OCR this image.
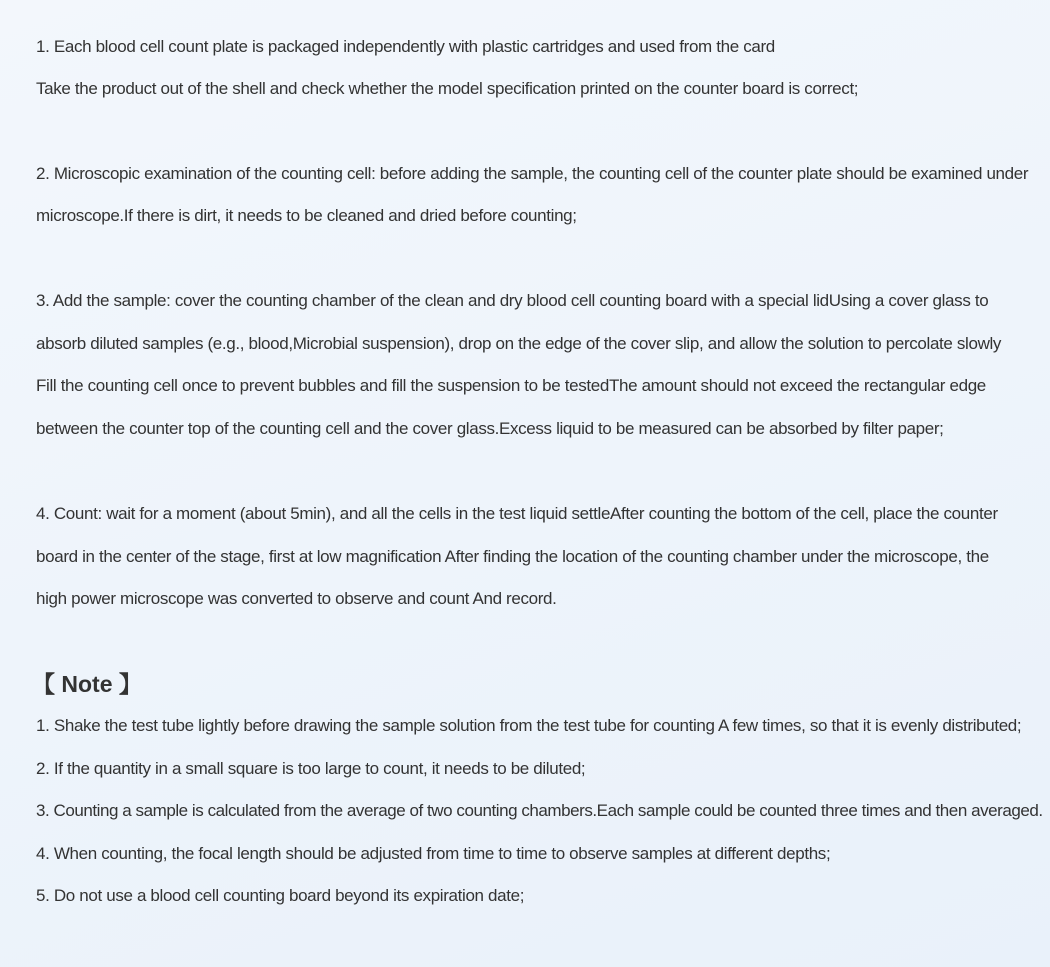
1. Each blood cell count plate is packaged independently with plastic cartridges and used from the card
Take the product out of the shell and check whether the model specification printed on the counter board is correct;
2. Microscopic examination of the counting cell: before adding the sample, the counting cell of the counter plate should be examined under
microscope.If there is dirt, it needs to be cleaned and dried before counting;
3. Add the sample: cover the counting chamber of the clean and dry blood cell counting board with a special lidUsing a cover glass to
absorb diluted samples (e.g., blood,Microbial suspension), drop on the edge of the cover slip, and allow the solution to percolate slowly
Fill the counting cell once to prevent bubbles and fill the suspension to be testedThe amount should not exceed the rectangular edge
between the counter top of the counting cell and the cover glass.Excess liquid to be measured can be absorbed by filter paper;
4. Count: wait for a moment (about 5min), and all the cells in the test liquid settleAfter counting the bottom of the cell, place the counter
board in the center of the stage, first at low magnification After finding the location of the counting chamber under the microscope, the
high power microscope was converted to observe and count And record.
【 Note 】
1. Shake the test tube lightly before drawing the sample solution from the test tube for counting A few times, so that it is evenly distributed;
2. If the quantity in a small square is too large to count, it needs to be diluted;
3. Counting a sample is calculated from the average of two counting chambers.Each sample could be counted three times and then averaged.
4. When counting, the focal length should be adjusted from time to time to observe samples at different depths;
5. Do not use a blood cell counting board beyond its expiration date;
